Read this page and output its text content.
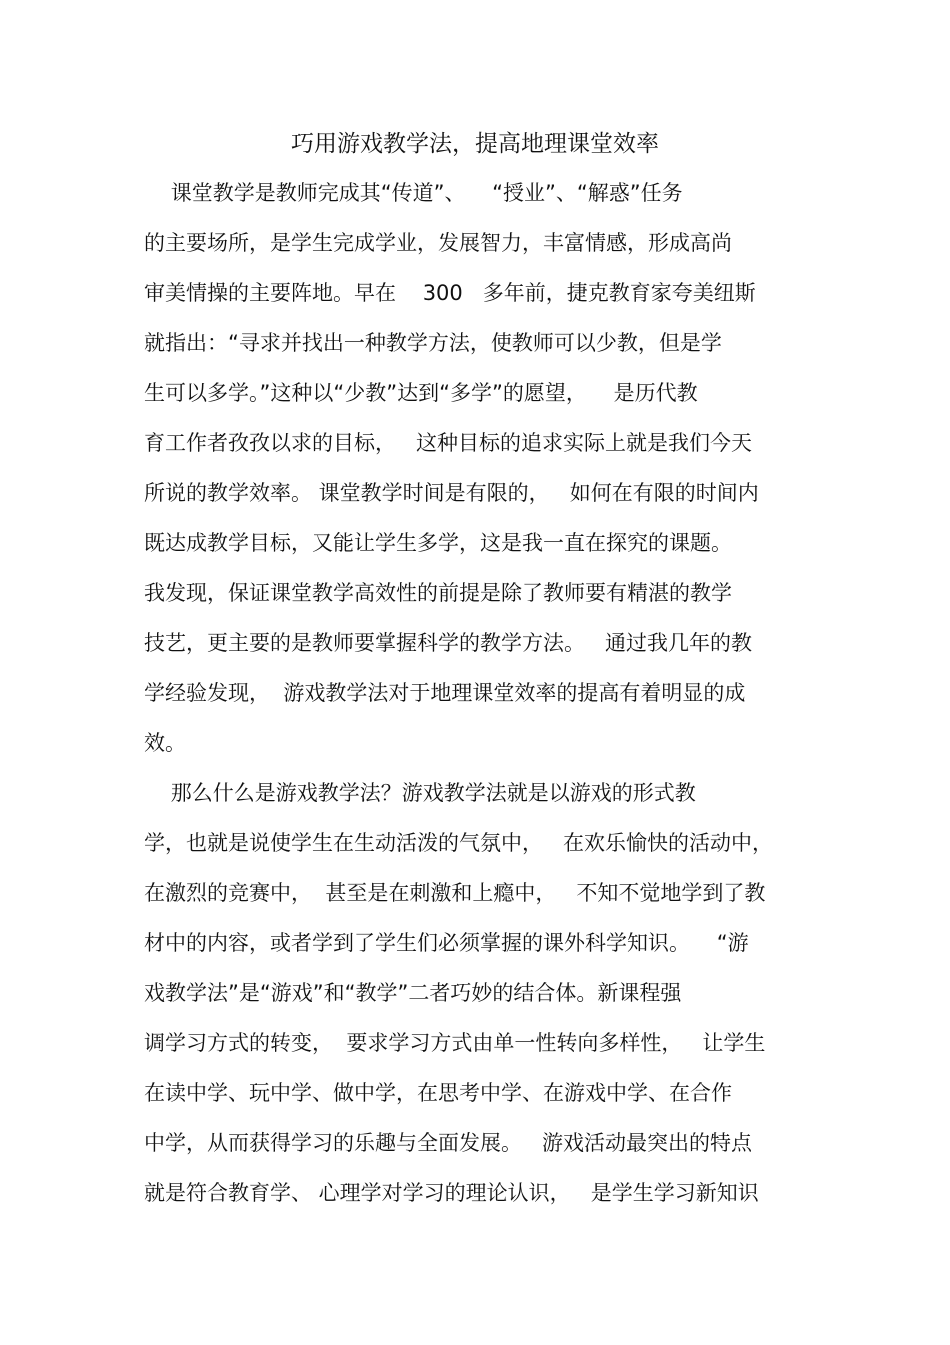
巧用游戏教学法，提高地理课堂效率
课堂教学是教师完成其“传道”、    “授业”、“解惑”任务
的主要场所，是学生完成学业，发展智力，丰富情感，形成高尚
审美情操的主要阵地。早在    300   多年前，捷克教育家夸美纽斯
就指出：“寻求并找出一种教学方法，使教师可以少教，但是学
生可以多学。”这种以“少教”达到“多学”的愿望，    是历代教
育工作者孜孜以求的目标，   这种目标的追求实际上就是我们今天
所说的教学效率。 课堂教学时间是有限的，   如何在有限的时间内
既达成教学目标，又能让学生多学，这是我一直在探究的课题。
我发现，保证课堂教学高效性的前提是除了教师要有精湛的教学
技艺，更主要的是教师要掌握科学的教学方法。   通过我几年的教
学经验发现，  游戏教学法对于地理课堂效率的提高有着明显的成
效。
那么什么是游戏教学法？游戏教学法就是以游戏的形式教
学，也就是说使学生在生动活泼的气氛中，   在欢乐愉快的活动中，
在激烈的竞赛中，  甚至是在刺激和上瘾中，   不知不觉地学到了教
材中的内容，或者学到了学生们必须掌握的课外科学知识。    “游
戏教学法”是“游戏”和“教学”二者巧妙的结合体。新课程强
调学习方式的转变，  要求学习方式由单一性转向多样性，   让学生
在读中学、玩中学、做中学，在思考中学、在游戏中学、在合作
中学，从而获得学习的乐趣与全面发展。   游戏活动最突出的特点
就是符合教育学、 心理学对学习的理论认识，   是学生学习新知识
